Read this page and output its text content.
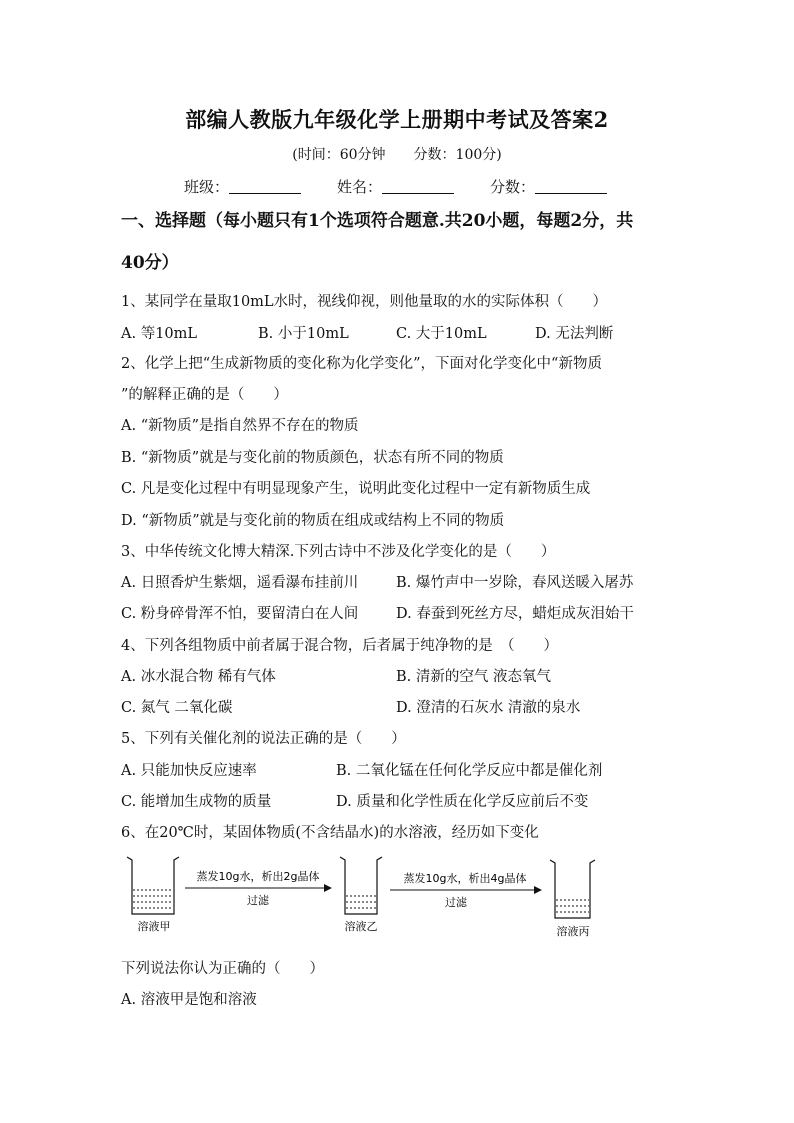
部编人教版九年级化学上册期中考试及答案2
(时间：60分钟 分数：100分)
班级：	姓名：	分数：
一、选择题（每小题只有1个选项符合题意.共20小题，每题2分，共
40分）
1、某同学在量取10mL水时，视线仰视，则他量取的水的实际体积（　　）
A. 等10mL	B. 小于10mL	C. 大于10mL	D. 无法判断
2、化学上把“生成新物质的变化称为化学变化”，下面对化学变化中“新物质
”的解释正确的是（　　）
A. “新物质”是指自然界不存在的物质
B. “新物质”就是与变化前的物质颜色，状态有所不同的物质
C. 凡是变化过程中有明显现象产生，说明此变化过程中一定有新物质生成
D. “新物质”就是与变化前的物质在组成或结构上不同的物质
3、中华传统文化博大精深.下列古诗中不涉及化学变化的是（　　）
A. 日照香炉生紫烟，遥看瀑布挂前川	B. 爆竹声中一岁除，春风送暖入屠苏
C. 粉身碎骨浑不怕，要留清白在人间	D. 春蚕到死丝方尽，蜡炬成灰泪始干
4、下列各组物质中前者属于混合物，后者属于纯净物的是　（　　）
A. 冰水混合物 稀有气体	B. 清新的空气 液态氧气
C. 氮气 二氧化碳	D. 澄清的石灰水 清澈的泉水
5、下列有关催化剂的说法正确的是（　　）
A. 只能加快反应速率	B. 二氧化锰在任何化学反应中都是催化剂
C. 能增加生成物的质量	D. 质量和化学性质在化学反应前后不变
6、在20℃时，某固体物质(不含结晶水)的水溶液，经历如下变化
溶液甲
蒸发10g水，析出2g晶体
过滤
溶液乙
蒸发10g水，析出4g晶体
过滤
溶液丙
下列说法你认为正确的（　　）
A. 溶液甲是饱和溶液
